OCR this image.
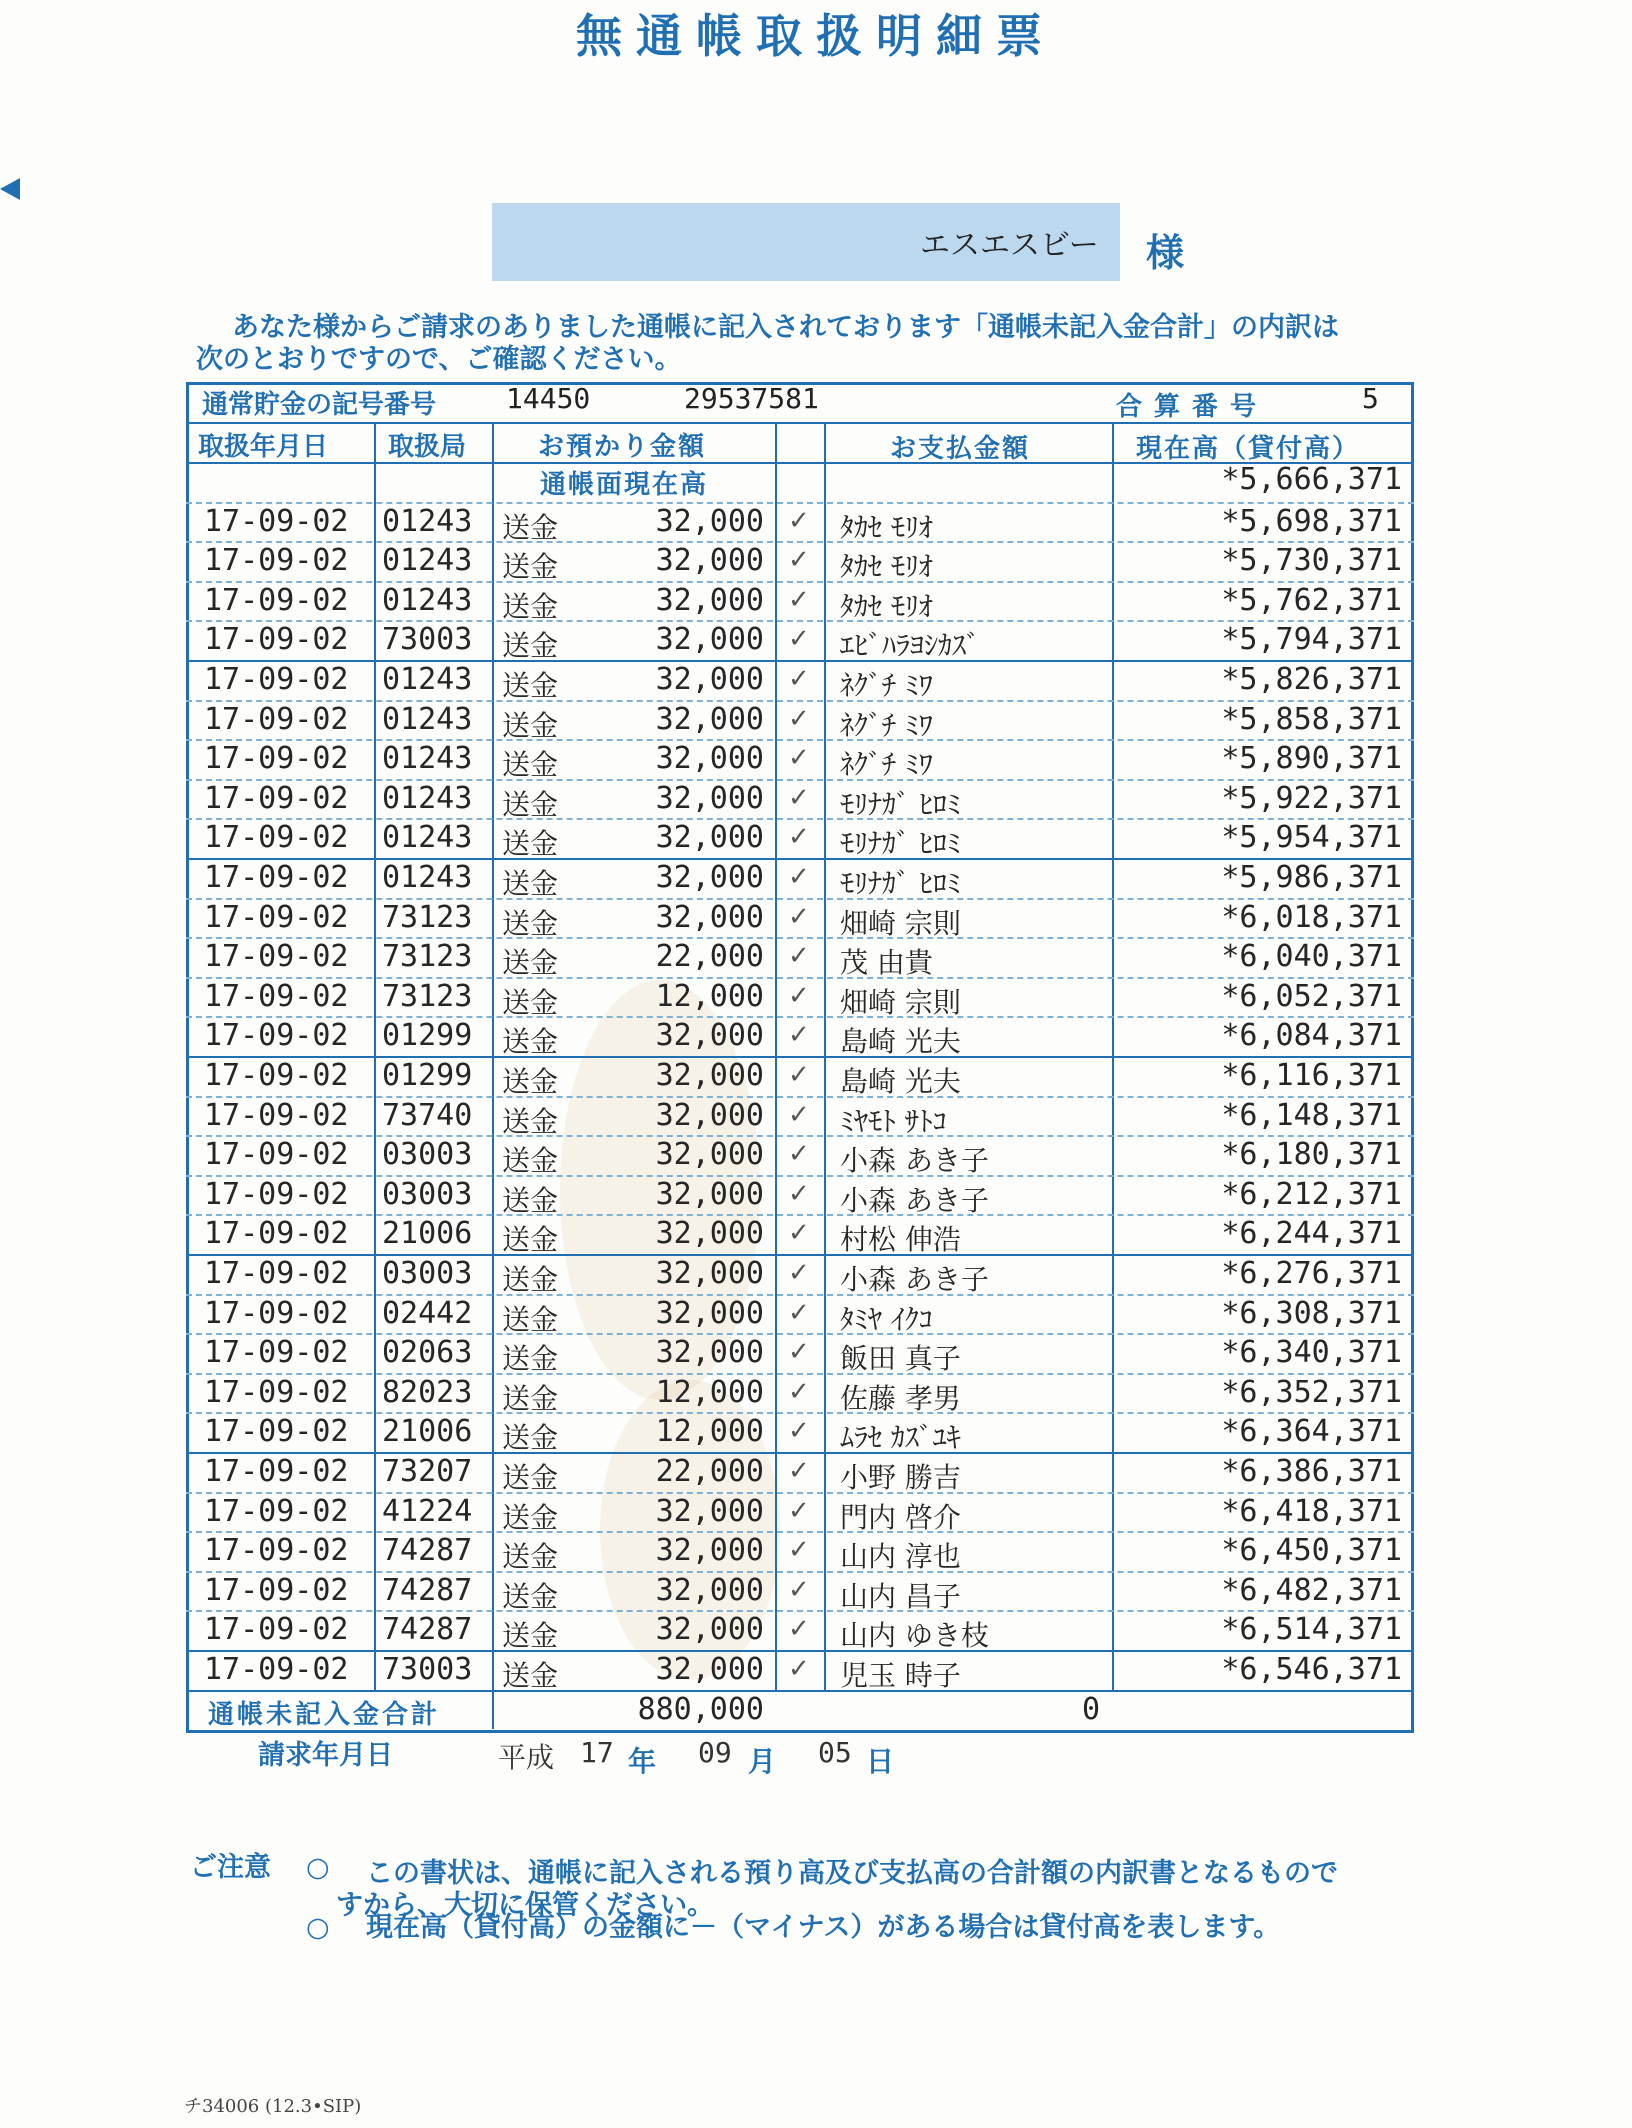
無通帳取扱明細票
エスエスビー 様
あなた様からご請求のありました通帳に記入されております「通帳未記入金合計」の内訳は
次のとおりですので、ご確認ください。
通常貯金の記号番号 14450	29537581	合算番号	5
取扱年月日 取扱局	お預かり金額	お支払金額	現在高（貸付高）
通帳面現在高	*5,666,371
17-09-02 01243 送金	32,000 ✓ ﾀｶｾ ﾓﾘｵ	*5,698,371
17-09-02 01243 送金	32,000 ✓ ﾀｶｾ ﾓﾘｵ	*5,730,371
17-09-02 01243 送金	32,000 ✓ ﾀｶｾ ﾓﾘｵ	*5,762,371
17-09-02 73003 送金	32,000 ✓ ｴﾋﾞﾊﾗﾖｼｶｽﾞ	*5,794,371
17-09-02 01243 送金	32,000 ✓ ﾈｸﾞﾁ ﾐﾜ	*5,826,371
17-09-02 01243 送金	32,000 ✓ ﾈｸﾞﾁ ﾐﾜ	*5,858,371
17-09-02 01243 送金	32,000 ✓ ﾈｸﾞﾁ ﾐﾜ	*5,890,371
17-09-02 01243 送金	32,000 ✓ ﾓﾘﾅｶﾞ ﾋﾛﾐ	*5,922,371
17-09-02 01243 送金	32,000 ✓ ﾓﾘﾅｶﾞ ﾋﾛﾐ	*5,954,371
17-09-02 01243 送金	32,000 ✓ ﾓﾘﾅｶﾞ ﾋﾛﾐ	*5,986,371
17-09-02 73123 送金	32,000 ✓ 畑崎 宗則	*6,018,371
17-09-02 73123 送金	22,000 ✓ 茂 由貴	*6,040,371
17-09-02 73123 送金	12,000 ✓ 畑崎 宗則	*6,052,371
17-09-02 01299 送金	32,000 ✓ 島崎 光夫	*6,084,371
17-09-02 01299 送金	32,000 ✓ 島崎 光夫	*6,116,371
17-09-02 73740 送金	32,000 ✓ ﾐﾔﾓﾄ ｻﾄｺ	*6,148,371
17-09-02 03003 送金	32,000 ✓ 小森 あき子	*6,180,371
17-09-02 03003 送金	32,000 ✓ 小森 あき子	*6,212,371
17-09-02 21006 送金	32,000 ✓ 村松 伸浩	*6,244,371
17-09-02 03003 送金	32,000 ✓ 小森 あき子	*6,276,371
17-09-02 02442 送金	32,000 ✓ ﾀﾐﾔ ｲｸｺ	*6,308,371
17-09-02 02063 送金	32,000 ✓ 飯田 真子	*6,340,371
17-09-02 82023 送金	12,000 ✓ 佐藤 孝男	*6,352,371
17-09-02 21006 送金	12,000 ✓ ﾑﾗｾ ｶｽﾞﾕｷ	*6,364,371
17-09-02 73207 送金	22,000 ✓ 小野 勝吉	*6,386,371
17-09-02 41224 送金	32,000 ✓ 門内 啓介	*6,418,371
17-09-02 74287 送金	32,000 ✓ 山内 淳也	*6,450,371
17-09-02 74287 送金	32,000 ✓ 山内 昌子	*6,482,371
17-09-02 74287 送金	32,000 ✓ 山内 ゆき枝	*6,514,371
17-09-02 73003 送金	32,000 ✓ 児玉 時子	*6,546,371
通帳未記入金合計	880,000	0
請求年月日	平成 17 年 09 月 05 日
ご注意 ○ この書状は、通帳に記入される預り高及び支払高の合計額の内訳書となるもので
すから、大切に保管ください。
○ 現在高（貸付高）の金額に－（マイナス）がある場合は貸付高を表します。
チ34006 (12.3•SIP)
